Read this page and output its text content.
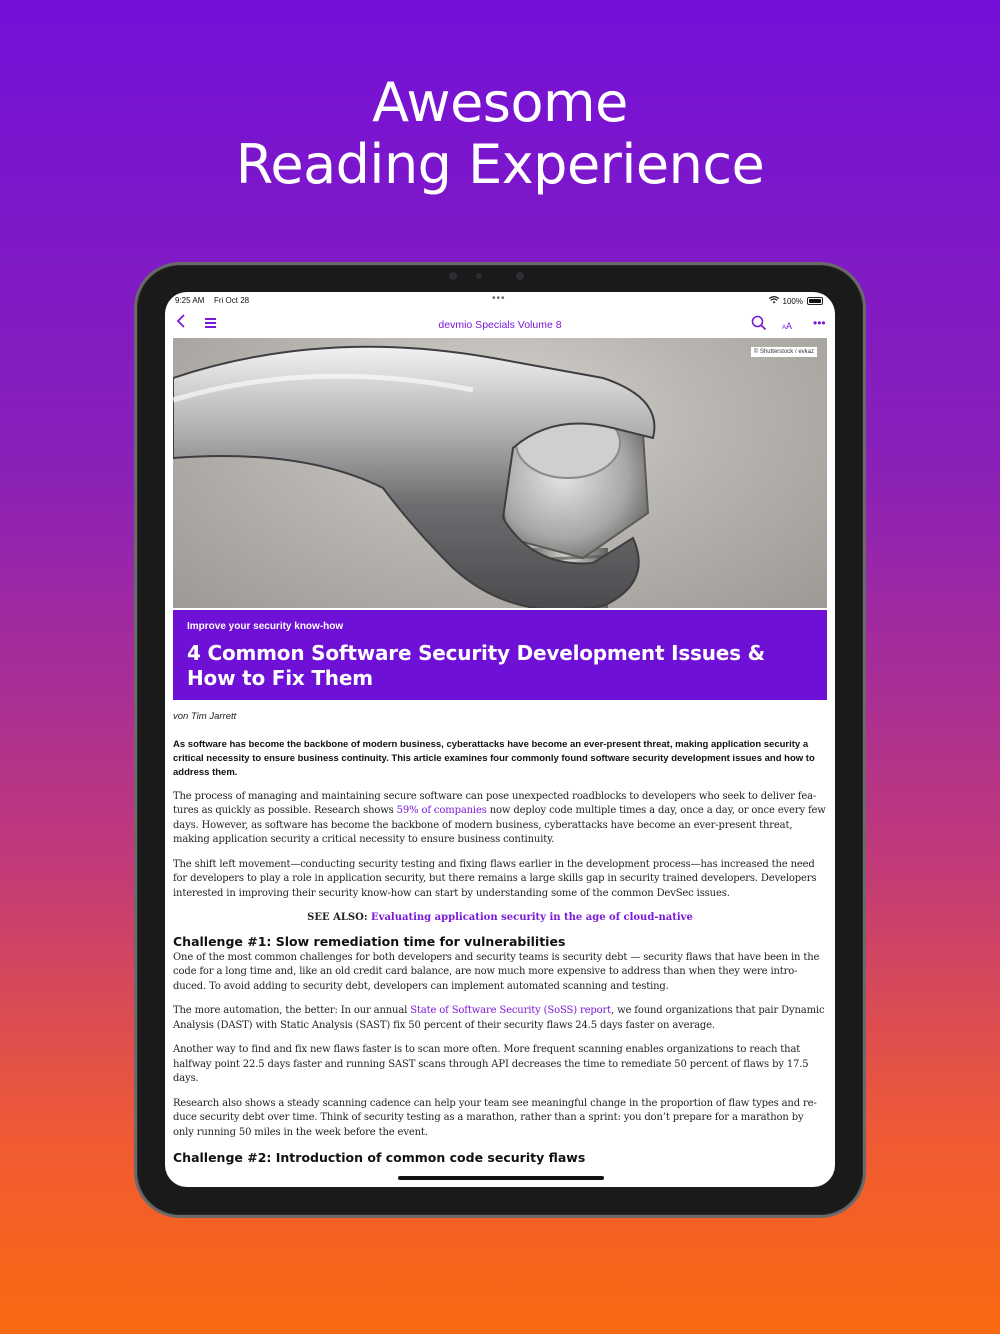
Awesome
Reading Experience
9:25 AM Fri Oct 28	•••	100%
devmio Specials Volume 8	AA •••
© Shutterstock / evkaz
Improve your security know-how
4 Common Software Security Development Issues & How to Fix Them
von Tim Jarrett
As software has become the backbone of modern business, cyberattacks have become an ever-present threat, making application security a critical necessity to ensure business continuity. This article examines four commonly found software security development issues and how to address them.

The process of managing and maintaining secure software can pose unexpected roadblocks to developers who seek to deliver features as quickly as possible. Research shows 59% of companies now deploy code multiple times a day, once a day, or once every few days. However, as software has become the backbone of modern business, cyberattacks have become an ever-present threat, making application security a critical necessity to ensure business continuity.

The shift left movement—conducting security testing and fixing flaws earlier in the development process—has increased the need for developers to play a role in application security, but there remains a large skills gap in security trained developers. Developers interested in improving their security know-how can start by understanding some of the common DevSec issues.

SEE ALSO: Evaluating application security in the age of cloud-native
Challenge #1: Slow remediation time for vulnerabilities

One of the most common challenges for both developers and security teams is security debt — security flaws that have been in the code for a long time and, like an old credit card balance, are now much more expensive to address than when they were introduced. To avoid adding to security debt, developers can implement automated scanning and testing.

The more automation, the better: In our annual State of Software Security (SoSS) report, we found organizations that pair Dynamic Analysis (DAST) with Static Analysis (SAST) fix 50 percent of their security flaws 24.5 days faster on average.

Another way to find and fix new flaws faster is to scan more often. More frequent scanning enables organizations to reach that halfway point 22.5 days faster and running SAST scans through API decreases the time to remediate 50 percent of flaws by 17.5 days.

Research also shows a steady scanning cadence can help your team see meaningful change in the proportion of flaw types and reduce security debt over time. Think of security testing as a marathon, rather than a sprint: you don’t prepare for a marathon by only running 50 miles in the week before the event.

Challenge #2: Introduction of common code security flaws
